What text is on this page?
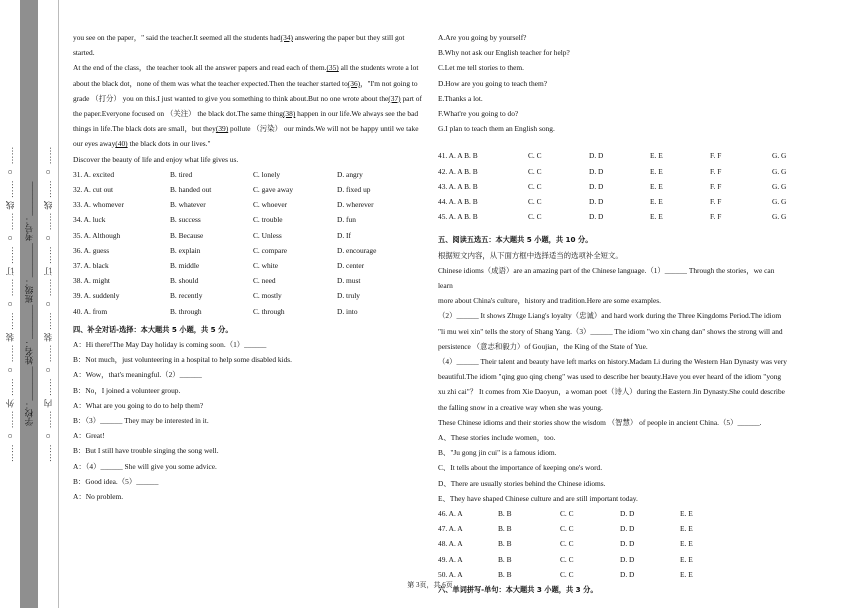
…… ○ …… 外 …… ○ …… 装 …… ○ …… 订 …… ○ …… 线 …… ○ ……	学校：________ 姓名：________ 班级：________ 考号：________	…… ○ …… 内 …… ○ …… 装 …… ○ …… 订 …… ○ …… 线 …… ○ ……

you see on the paper，" said the teacher.It seemed all the students had(34) answering the paper but they still got

started.

At the end of the class，the teacher took all the answer papers and read each of them.(35) all the students wrote a lot

about the black dot，none of them was what the teacher expected.Then the teacher started to(36)，"I'm not going to

grade （打分） you on this.I just wanted to give you something to think about.But no one wrote about the(37) part of

the paper.Everyone focused on （关注） the black dot.The same thing(38) happen in our life.We always see the bad

things in life.The black dots are small，but they(39) pollute （污染） our minds.We will not be happy until we take

our eyes away(40) the black dots in our lives."

Discover the beauty of life and enjoy what life gives us.

31. A. excited	B. tired	C. lonely	D. angry
32. A. cut out	B. handed out	C. gave away	D. fixed up
33. A. whomever	B. whatever	C. whoever	D. wherever
34. A. luck	B. success	C. trouble	D. fun
35. A. Although	B. Because	C. Unless	D. If
36. A. guess	B. explain	C. compare	D. encourage
37. A. black	B. middle	C. white	D. center
38. A. might	B. should	C. need	D. must
39. A. suddenly	B. recently	C. mostly	D. truly
40. A. from	B. through	C. through	D. into

四、补全对话-选择：本大题共 5 小题，共 5 分。

A：Hi there!The May Day holiday is coming soon.（1）______

B：Not much，just volunteering in a hospital to help some disabled kids.

A：Wow，that's meaningful.（2）______

B：No，I joined a volunteer group.

A：What are you going to do to help them?

B：（3）______ They may be interested in it.

A：Great!

B：But I still have trouble singing the song well.

A：（4）______ She will give you some advice.

B：Good idea.（5）______

A：No problem.

A.Are you going by yourself?

B.Why not ask our English teacher for help?

C.Let me tell stories to them.

D.How are you going to teach them?

E.Thanks a lot.

F.What're you going to do?

G.I plan to teach them an English song.

41. A. A B. B	C. C	D. D	E. E	F. F	G. G
42. A. A B. B	C. C	D. D	E. E	F. F	G. G
43. A. A B. B	C. C	D. D	E. E	F. F	G. G
44. A. A B. B	C. C	D. D	E. E	F. F	G. G
45. A. A B. B	C. C	D. D	E. E	F. F	G. G

五、阅读五选五：本大题共 5 小题，共 10 分。

根据短文内容，从下面方框中选择适当的选项补全短文。

Chinese idioms（成语）are an amazing part of the Chinese language.（1）______ Through the stories，we can learn

more about China's culture，history and tradition.Here are some examples.

（2）______ It shows Zhuge Liang's loyalty（忠诚）and hard work during the Three Kingdoms Period.The idiom

"li mu wei xin" tells the story of Shang Yang.（3）______ The idiom "wo xin chang dan" shows the strong will and

persistence （意志和毅力）of Goujian，the King of the State of Yue.

（4）______ Their talent and beauty have left marks on history.Madam Li during the Western Han Dynasty was very

beautiful.The idiom "qing guo qing cheng" was used to describe her beauty.Have you ever heard of the idiom "yong

xu zhi cai"？ It comes from Xie Daoyun，a woman poet（诗人）during the Eastern Jin Dynasty.She could describe

the falling snow in a creative way when she was young.

These Chinese idioms and their stories show the wisdom （智慧） of people in ancient China.（5）______.

A、These stories include women，too.

B、"Ju gong jin cui" is a famous idiom.

C、It tells about the importance of keeping one's word.

D、There are usually stories behind the Chinese idioms.

E、They have shaped Chinese culture and are still important today.

46. A. A	B. B	C. C	D. D	E. E
47. A. A	B. B	C. C	D. D	E. E
48. A. A	B. B	C. C	D. D	E. E
49. A. A	B. B	C. C	D. D	E. E
50. A. A	B. B	C. C	D. D	E. E

六、单词拼写-单句：本大题共 3 小题，共 3 分。

第 3页，共 6页
